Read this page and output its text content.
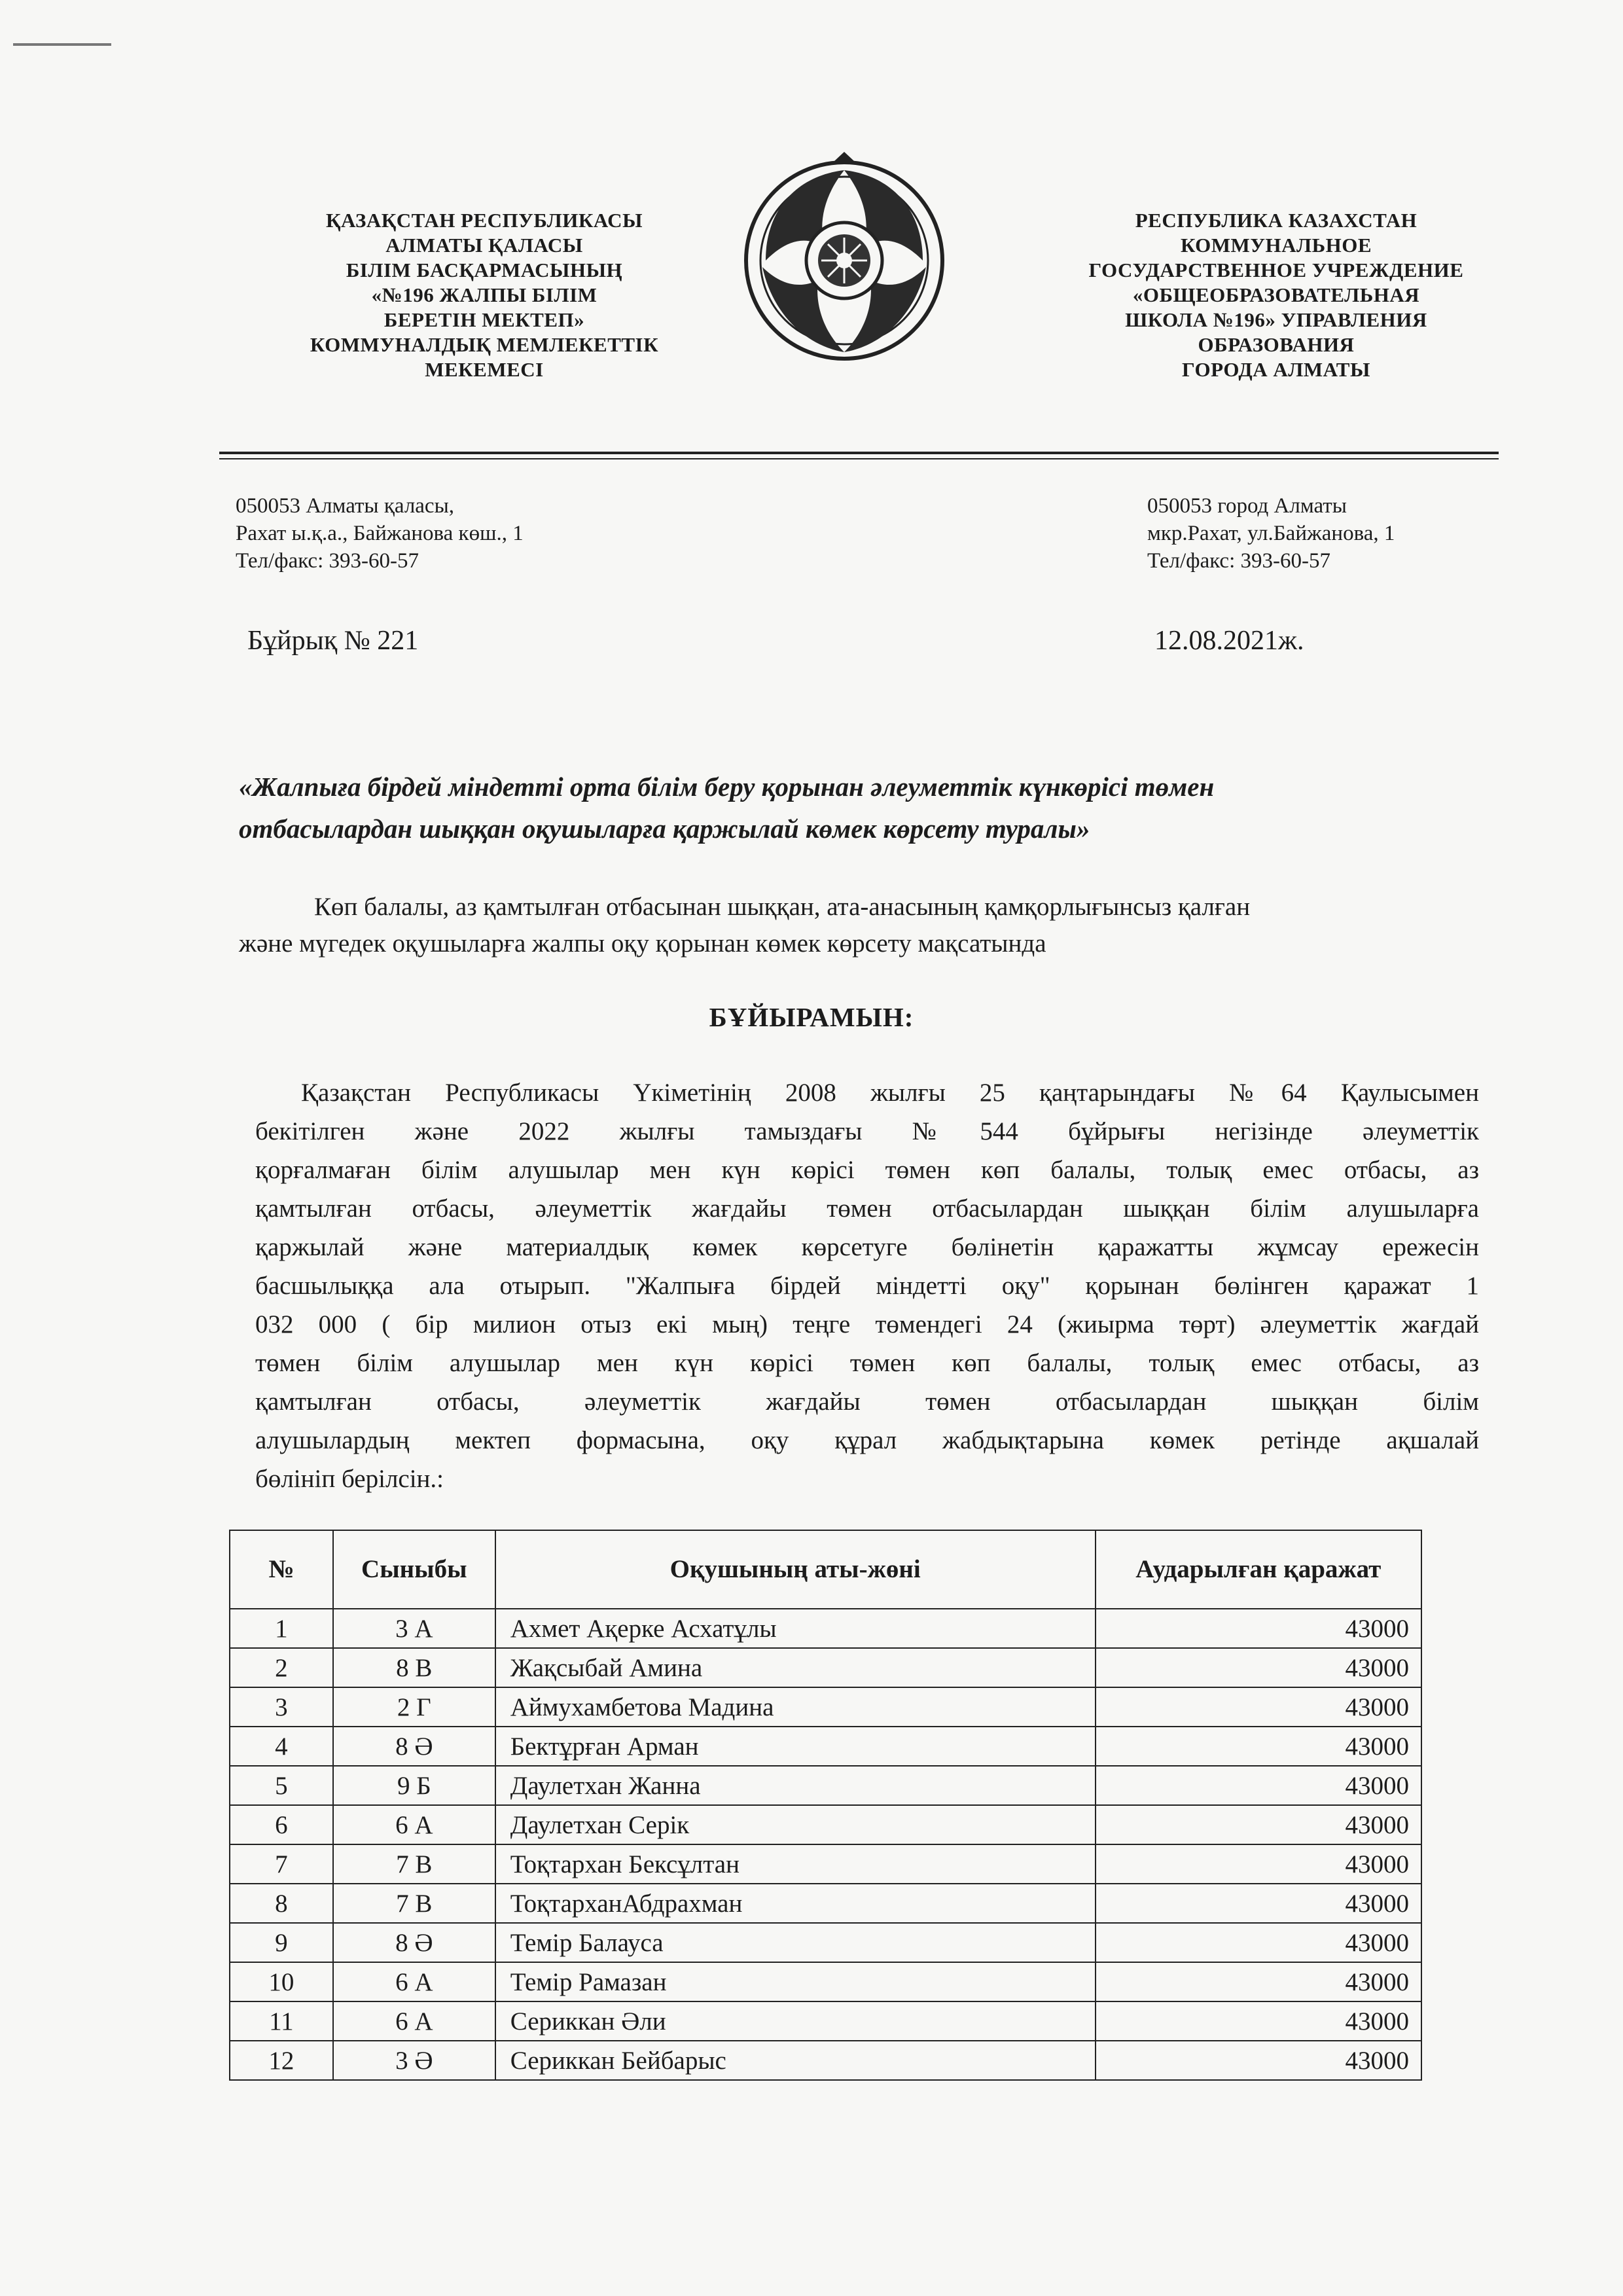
ҚАЗАҚСТАН РЕСПУБЛИКАСЫ
АЛМАТЫ ҚАЛАСЫ
БІЛІМ БАСҚАРМАСЫНЫҢ
«№196 ЖАЛПЫ БІЛІМ
БЕРЕТІН МЕКТЕП»
КОММУНАЛДЫҚ МЕМЛЕКЕТТІК
МЕКЕМЕСІ
РЕСПУБЛИКА КАЗАХСТАН
КОММУНАЛЬНОЕ
ГОСУДАРСТВЕННОЕ УЧРЕЖДЕНИЕ
«ОБЩЕОБРАЗОВАТЕЛЬНАЯ
ШКОЛА №196» УПРАВЛЕНИЯ
ОБРАЗОВАНИЯ
ГОРОДА АЛМАТЫ
050053 Алматы қаласы,
Рахат ы.қ.а., Байжанова көш., 1
Тел/факс: 393-60-57
050053 город Алматы
мкр.Рахат, ул.Байжанова, 1
Тел/факс: 393-60-57
Бұйрық № 221	12.08.2021ж.
«Жалпыға бірдей міндетті орта білім беру қорынан әлеуметтік күнкөрісі төмен
отбасылардан шыққан оқушыларға қаржылай көмек көрсету туралы»
Көп балалы, аз қамтылған отбасынан шыққан, ата-анасының қамқорлығынсыз қалған
және мүгедек оқушыларға жалпы оқу қорынан көмек көрсету мақсатында
БҰЙЫРАМЫН:
Қазақстан Республикасы Үкіметінің 2008 жылғы 25 қаңтарындағы №64 Қаулысымен
бекітілген және 2022 жылғы тамыздағы №544 бұйрығы негізінде әлеуметтік
қорғалмаған білім алушылар мен күн көрісі төмен көп балалы, толық емес отбасы, аз
қамтылған отбасы, әлеуметтік жағдайы төмен отбасылардан шыққан білім алушыларға
қаржылай және материалдық көмек көрсетуге бөлінетін қаражатты жұмсау ережесін
басшылыққа ала отырып. "Жалпыға бірдей міндетті оқу" қорынан бөлінген қаражат 1
032 000 ( бір милион отыз екі мың) теңге төмендегі 24 (жиырма төрт) әлеуметтік жағдай
төмен білім алушылар мен күн көрісі төмен көп балалы, толық емес отбасы, аз
қамтылған отбасы, әлеуметтік жағдайы төмен отбасылардан шыққан білім
алушылардың мектеп формасына, оқу құрал жабдықтарына көмек ретінде ақшалай
бөлініп берілсін.:
№	Сыныбы	Оқушының аты-жөні	Аударылған қаражат
1	3 А	Ахмет Ақерке Асхатұлы	43000
2	8 В	Жақсыбай Амина	43000
3	2 Г	Аймухамбетова Мадина	43000
4	8 Ә	Бектұрған Арман	43000
5	9 Б	Даулетхан Жанна	43000
6	6 А	Даулетхан Серік	43000
7	7 В	Тоқтархан Бексұлтан	43000
8	7 В	ТоқтарханАбдрахман	43000
9	8 Ә	Темір Балауса	43000
10	6 А	Темір Рамазан	43000
11	6 А	Сериккан Әли	43000
12	3 Ә	Сериккан Бейбарыс	43000
